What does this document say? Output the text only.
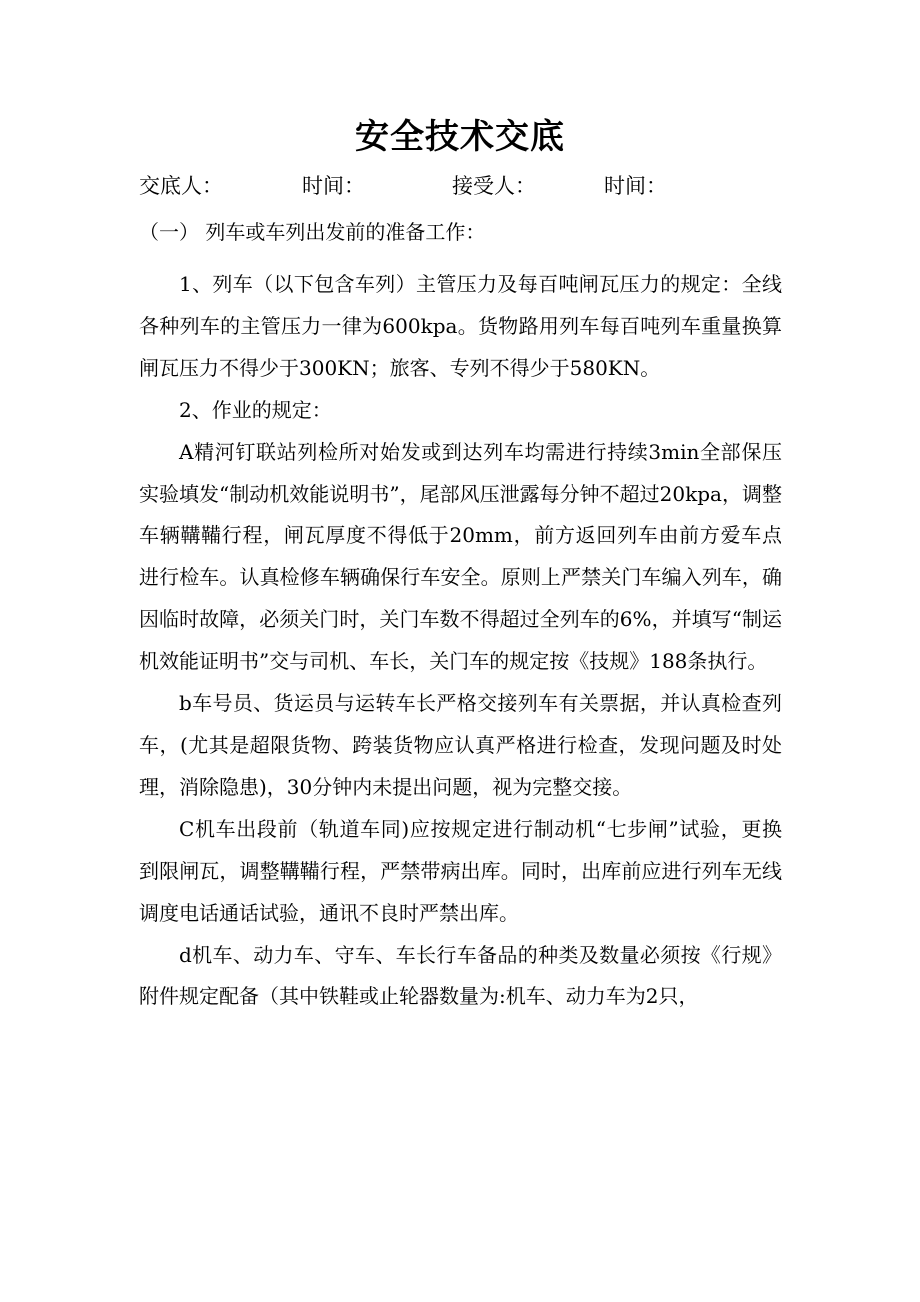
安全技术交底
交底人：	时间：	接受人：	时间：
（一） 列车或车列出发前的准备工作：

1、列车（以下包含车列）主管压力及每百吨闸瓦压力的规定：全线各种列车的主管压力一律为600kpa。货物路用列车每百吨列车重量换算闸瓦压力不得少于300KN；旅客、专列不得少于580KN。

2、作业的规定：

A精河钉联站列检所对始发或到达列车均需进行持续3min全部保压实验填发“制动机效能说明书”，尾部风压泄露每分钟不超过20kpa，调整车辆鞲鞴行程，闸瓦厚度不得低于20mm，前方返回列车由前方爱车点进行检车。认真检修车辆确保行车安全。原则上严禁关门车编入列车，确因临时故障，必须关门时，关门车数不得超过全列车的6%，并填写“制运机效能证明书”交与司机、车长，关门车的规定按《技规》188条执行。

b车号员、货运员与运转车长严格交接列车有关票据，并认真检查列车，(尤其是超限货物、跨装货物应认真严格进行检查，发现问题及时处理，消除隐患)，30分钟内未提出问题，视为完整交接。

C机车出段前（轨道车同)应按规定进行制动机“七步闸”试验，更换到限闸瓦，调整鞲鞴行程，严禁带病出库。同时，出库前应进行列车无线调度电话通话试验，通讯不良时严禁出库。

d机车、动力车、守车、车长行车备品的种类及数量必须按《行规》附件规定配备（其中铁鞋或止轮器数量为:机车、动力车为2只，
